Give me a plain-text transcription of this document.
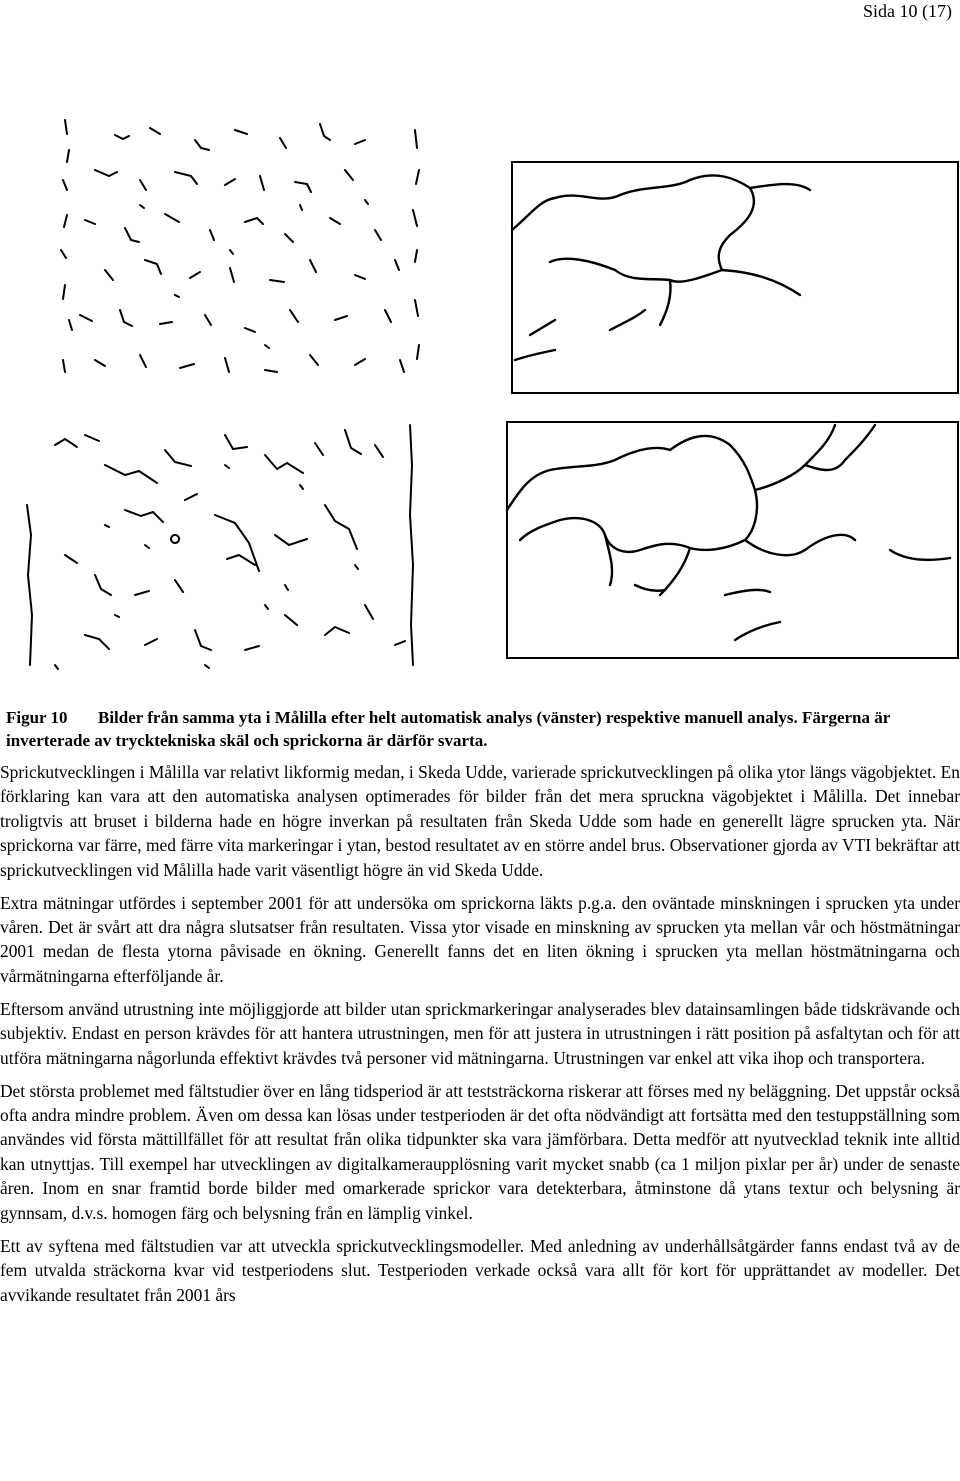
Sida 10 (17)
Figur 10 Bilder från samma yta i Målilla efter helt automatisk analys (vänster) respektive manuell analys. Färgerna är inverterade av trycktekniska skäl och sprickorna är därför svarta.

Sprickutvecklingen i Målilla var relativt likformig medan, i Skeda Udde, varierade sprickutvecklingen på olika ytor längs vägobjektet. En förklaring kan vara att den automatiska analysen optimerades för bilder från det mera spruckna vägobjektet i Målilla. Det innebar troligtvis att bruset i bilderna hade en högre inverkan på resultaten från Skeda Udde som hade en generellt lägre sprucken yta. När sprickorna var färre, med färre vita markeringar i ytan, bestod resultatet av en större andel brus. Observationer gjorda av VTI bekräftar att sprickutvecklingen vid Målilla hade varit väsentligt högre än vid Skeda Udde.

Extra mätningar utfördes i september 2001 för att undersöka om sprickorna läkts p.g.a. den oväntade minskningen i sprucken yta under våren. Det är svårt att dra några slutsatser från resultaten. Vissa ytor visade en minskning av sprucken yta mellan vår och höstmätningar 2001 medan de flesta ytorna påvisade en ökning. Generellt fanns det en liten ökning i sprucken yta mellan höstmätningarna och vårmätningarna efterföljande år.

Eftersom använd utrustning inte möjliggjorde att bilder utan sprickmarkeringar analyserades blev datainsamlingen både tidskrävande och subjektiv. Endast en person krävdes för att hantera utrustningen, men för att justera in utrustningen i rätt position på asfaltytan och för att utföra mätningarna någorlunda effektivt krävdes två personer vid mätningarna. Utrustningen var enkel att vika ihop och transportera.

Det största problemet med fältstudier över en lång tidsperiod är att teststräckorna riskerar att förses med ny beläggning. Det uppstår också ofta andra mindre problem. Även om dessa kan lösas under testperioden är det ofta nödvändigt att fortsätta med den testuppställning som användes vid första mättillfället för att resultat från olika tidpunkter ska vara jämförbara. Detta medför att nyutvecklad teknik inte alltid kan utnyttjas. Till exempel har utvecklingen av digitalkameraupplösning varit mycket snabb (ca 1 miljon pixlar per år) under de senaste åren. Inom en snar framtid borde bilder med omarkerade sprickor vara detekterbara, åtminstone då ytans textur och belysning är gynnsam, d.v.s. homogen färg och belysning från en lämplig vinkel.

Ett av syftena med fältstudien var att utveckla sprickutvecklingsmodeller. Med anledning av underhållsåtgärder fanns endast två av de fem utvalda sträckorna kvar vid testperiodens slut. Testperioden verkade också vara allt för kort för upprättandet av modeller. Det avvikande resultatet från 2001 års
